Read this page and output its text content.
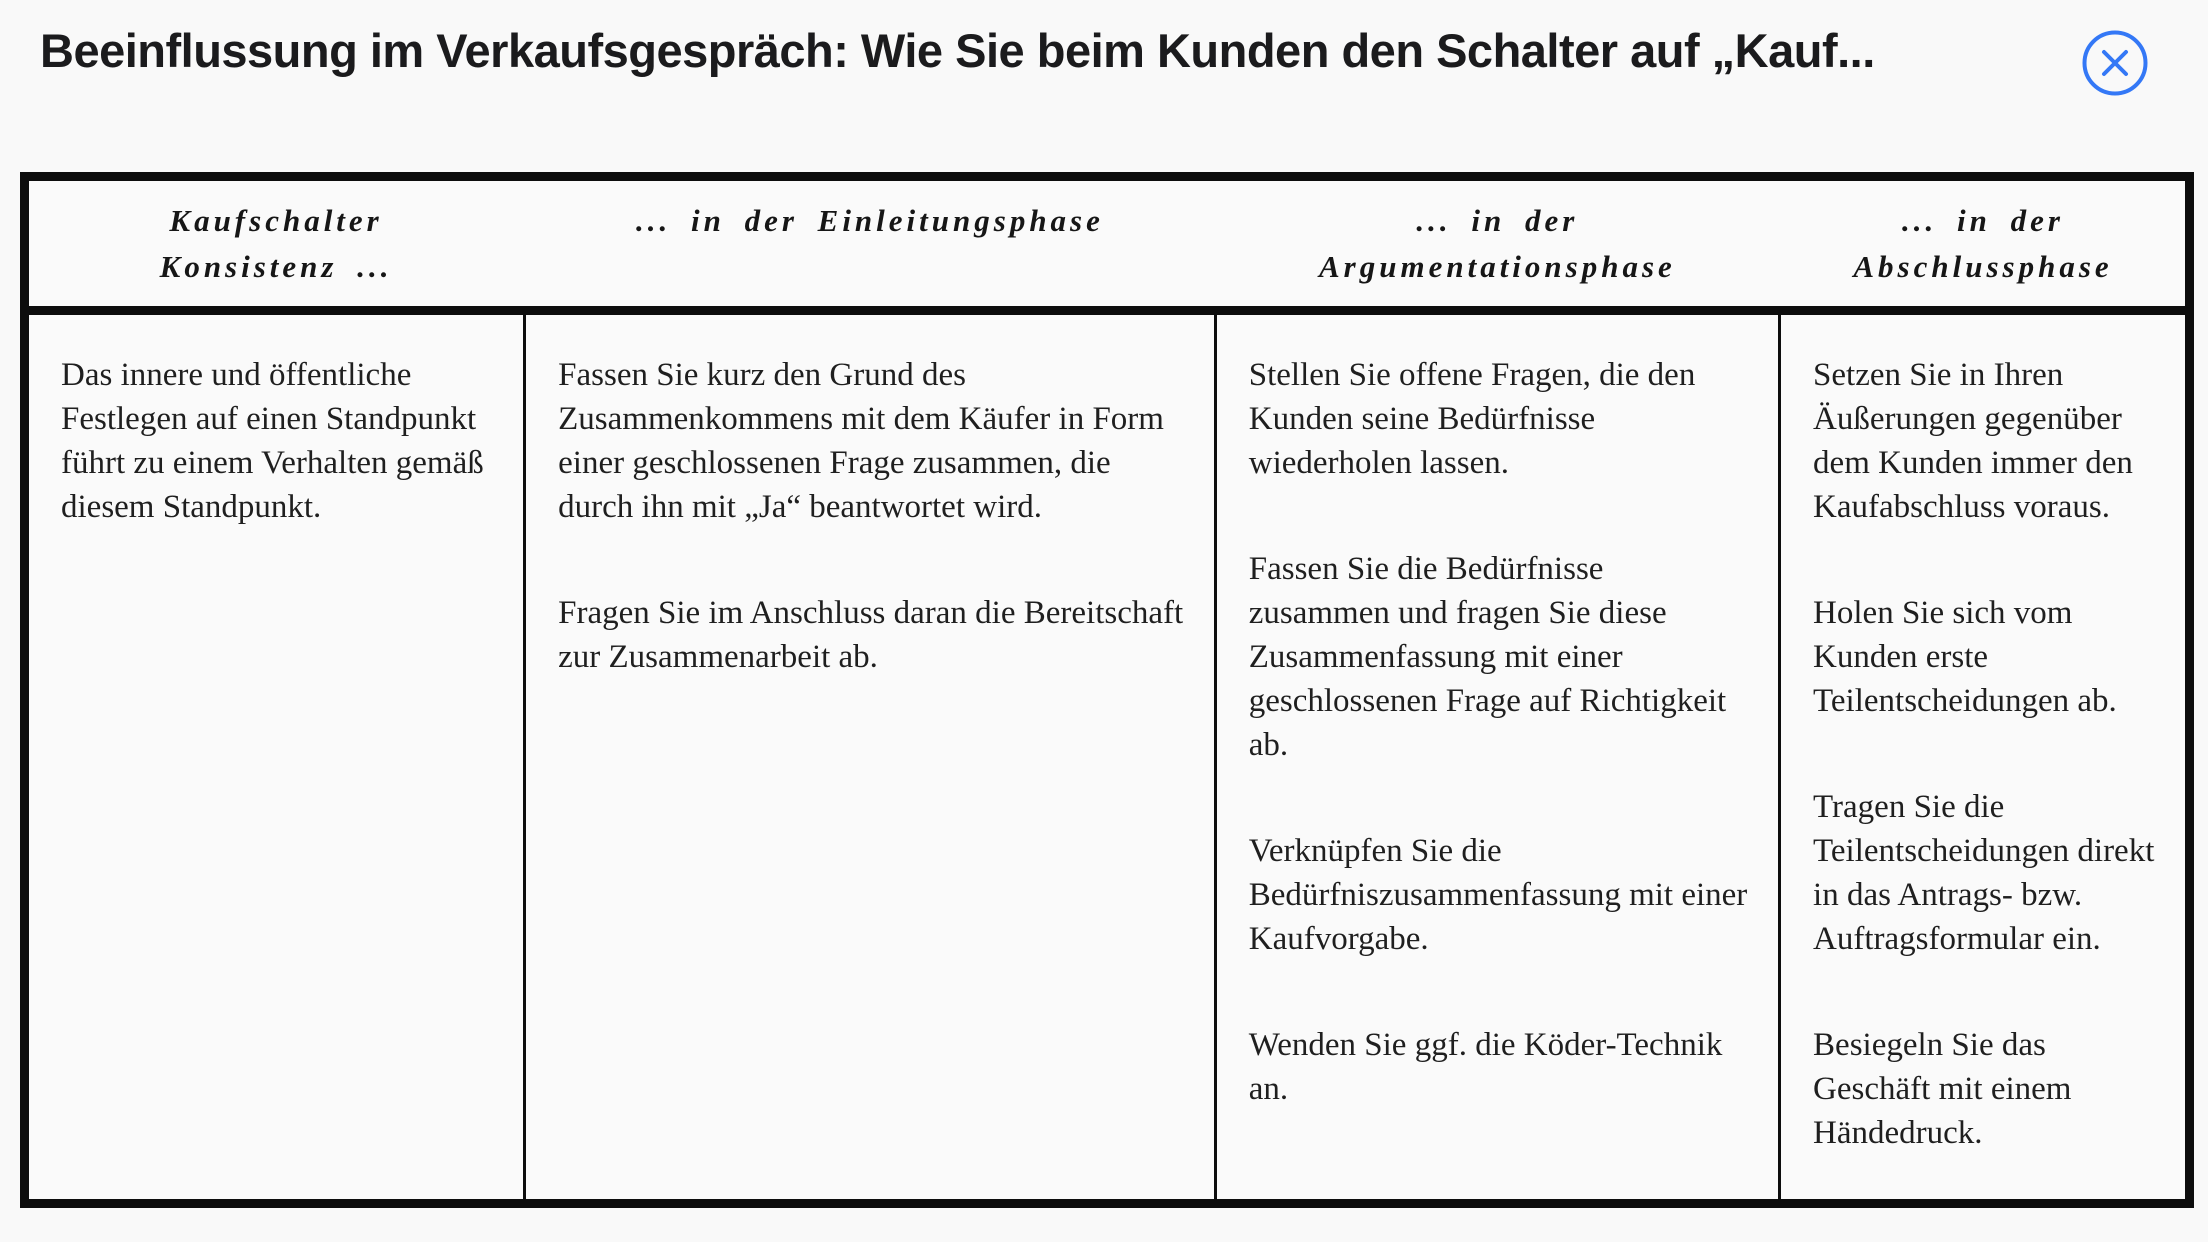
Beeinflussung im Verkaufsgespräch: Wie Sie beim Kunden den Schalter auf „Kauf...
Kaufschalter
Konsistenz ...
... in der Einleitungsphase	... in der
Argumentationsphase
... in der
Abschlussphase

Das innere und öffentliche Festlegen auf einen Standpunkt führt zu einem Verhalten gemäß diesem Standpunkt.

Fassen Sie kurz den Grund des Zusammenkommens mit dem Käufer in Form einer geschlossenen Frage zusammen, die durch ihn mit „Ja“ beantwortet wird.

Fragen Sie im Anschluss daran die Bereitschaft zur Zusammenarbeit ab.

Stellen Sie offene Fragen, die den Kunden seine Bedürfnisse wiederholen lassen.

Fassen Sie die Bedürfnisse zusammen und fragen Sie diese Zusammenfassung mit einer geschlossenen Frage auf Richtigkeit ab.

Verknüpfen Sie die Bedürfniszusammenfassung mit einer Kaufvorgabe.

Wenden Sie ggf. die Köder-Technik an.

Setzen Sie in Ihren Äußerungen gegenüber dem Kunden immer den Kaufabschluss voraus.

Holen Sie sich vom Kunden erste Teilentscheidungen ab.

Tragen Sie die Teilentscheidungen direkt in das Antrags- bzw. Auftragsformular ein.

Besiegeln Sie das Geschäft mit einem Händedruck.
